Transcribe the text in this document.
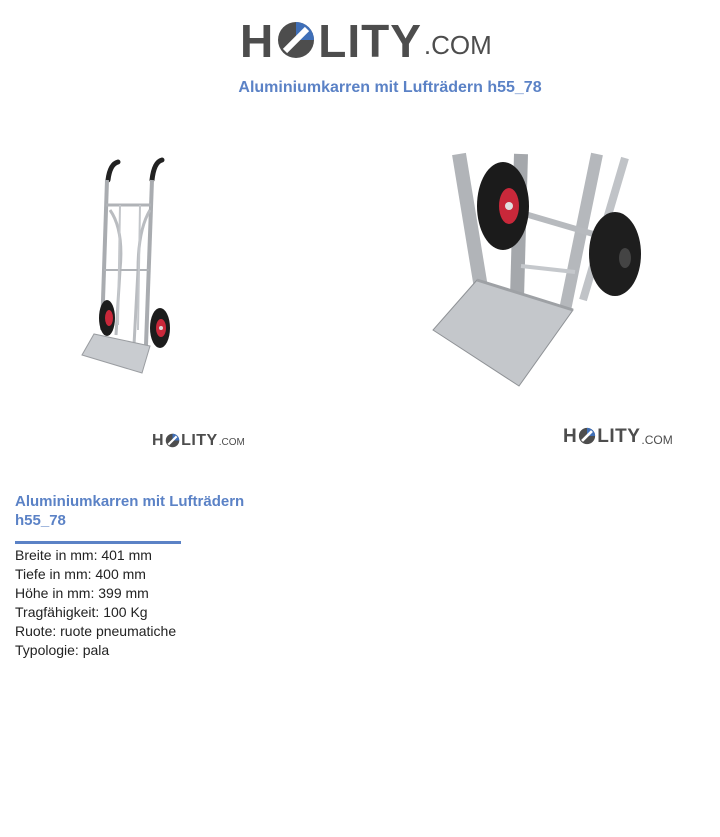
H LITY .COM
Aluminiumkarren mit Lufträdern h55_78
H LITY .COM	H LITY .COM
Aluminiumkarren mit Lufträdern h55_78
Breite in mm: 401 mm
Tiefe in mm: 400 mm
Höhe in mm: 399 mm
Tragfähigkeit: 100 Kg
Ruote: ruote pneumatiche
Typologie: pala
